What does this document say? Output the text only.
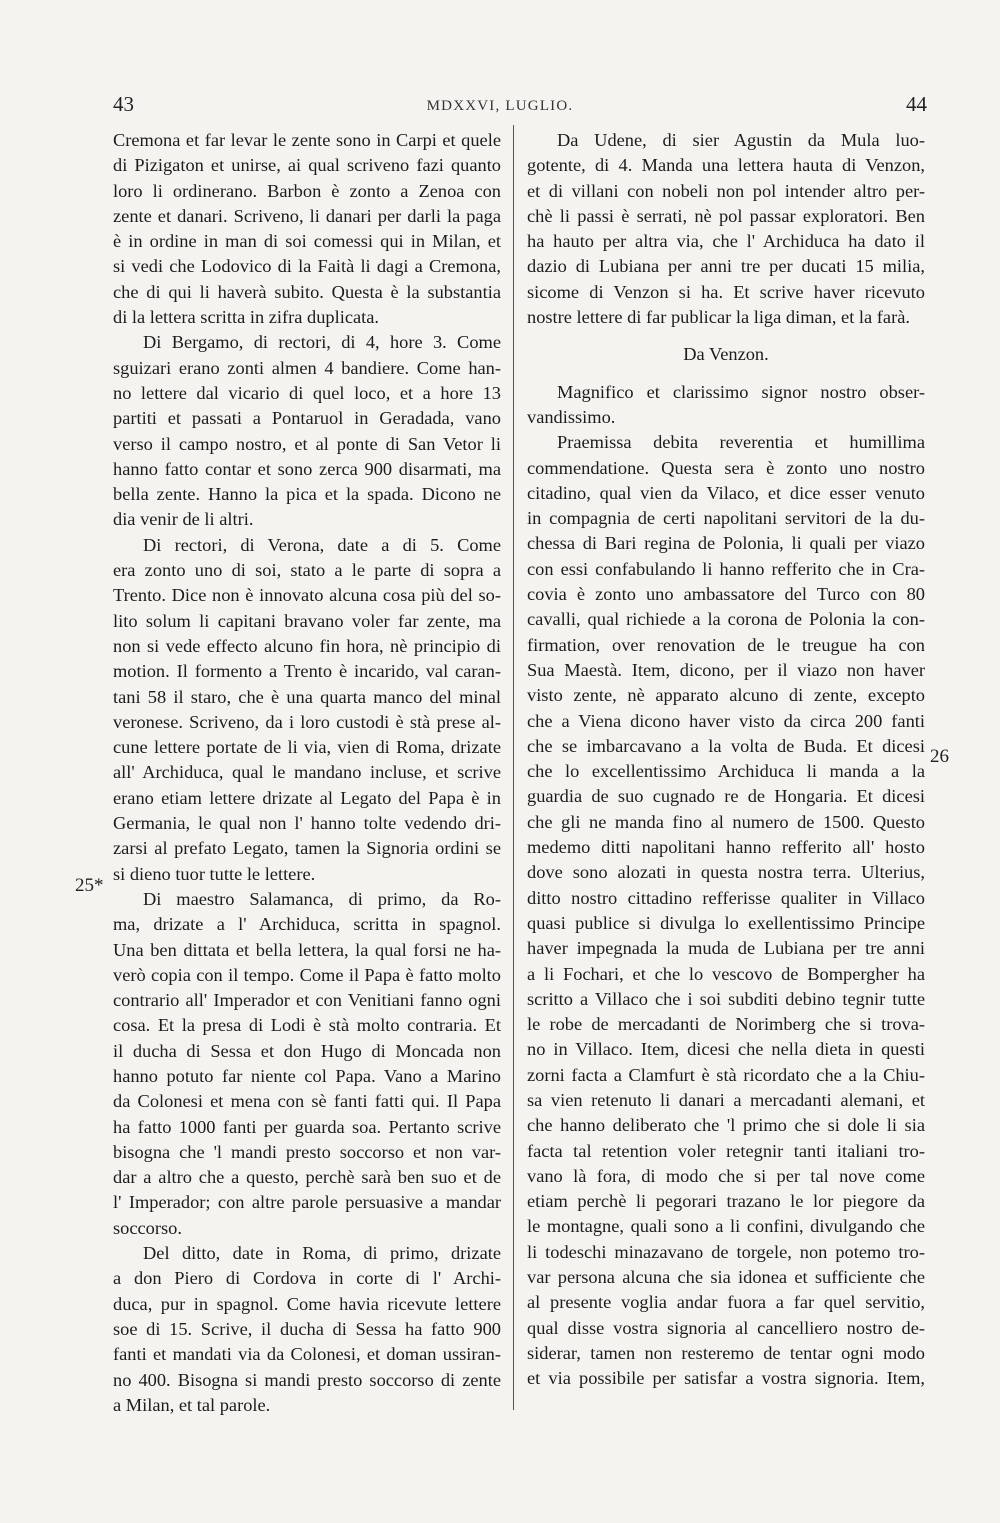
43	MDXXVI, LUGLIO.	44
25*
26
Cremona et far levar le zente sono in Carpi et quele
di Pizigaton et unirse, ai qual scriveno fazi quanto
loro li ordinerano. Barbon è zonto a Zenoa con
zente et danari. Scriveno, li danari per darli la paga
è in ordine in man di soi comessi qui in Milan, et
si vedi che Lodovico di la Faità li dagi a Cremona,
che di qui li haverà subito. Questa è la substantia
di la lettera scritta in zifra duplicata.
Di Bergamo, di rectori, di 4, hore 3. Come
sguizari erano zonti almen 4 bandiere. Come han-
no lettere dal vicario di quel loco, et a hore 13
partiti et passati a Pontaruol in Geradada, vano
verso il campo nostro, et al ponte di San Vetor li
hanno fatto contar et sono zerca 900 disarmati, ma
bella zente. Hanno la pica et la spada. Dicono ne
dia venir de li altri.
Di rectori, di Verona, date a di 5. Come
era zonto uno di soi, stato a le parte di sopra a
Trento. Dice non è innovato alcuna cosa più del so-
lito solum li capitani bravano voler far zente, ma
non si vede effecto alcuno fin hora, nè principio di
motion. Il formento a Trento è incarido, val caran-
tani 58 il staro, che è una quarta manco del minal
veronese. Scriveno, da i loro custodi è stà prese al-
cune lettere portate de li via, vien di Roma, drizate
all' Archiduca, qual le mandano incluse, et scrive
erano etiam lettere drizate al Legato del Papa è in
Germania, le qual non l' hanno tolte vedendo dri-
zarsi al prefato Legato, tamen la Signoria ordini se
si dieno tuor tutte le lettere.
Di maestro Salamanca, di primo, da Ro-
ma, drizate a l' Archiduca, scritta in spagnol.
Una ben dittata et bella lettera, la qual forsi ne ha-
verò copia con il tempo. Come il Papa è fatto molto
contrario all' Imperador et con Venitiani fanno ogni
cosa. Et la presa di Lodi è stà molto contraria. Et
il ducha di Sessa et don Hugo di Moncada non
hanno potuto far niente col Papa. Vano a Marino
da Colonesi et mena con sè fanti fatti qui. Il Papa
ha fatto 1000 fanti per guarda soa. Pertanto scrive
bisogna che 'l mandi presto soccorso et non var-
dar a altro che a questo, perchè sarà ben suo et de
l' Imperador; con altre parole persuasive a mandar
soccorso.
Del ditto, date in Roma, di primo, drizate
a don Piero di Cordova in corte di l' Archi-
duca, pur in spagnol. Come havia ricevute lettere
soe di 15. Scrive, il ducha di Sessa ha fatto 900
fanti et mandati via da Colonesi, et doman ussiran-
no 400. Bisogna si mandi presto soccorso di zente
a Milan, et tal parole.
Da Udene, di sier Agustin da Mula luo-
gotente, di 4. Manda una lettera hauta di Venzon,
et di villani con nobeli non pol intender altro per-
chè li passi è serrati, nè pol passar exploratori. Ben
ha hauto per altra via, che l' Archiduca ha dato il
dazio di Lubiana per anni tre per ducati 15 milia,
sicome di Venzon si ha. Et scrive haver ricevuto
nostre lettere di far publicar la liga diman, et la farà.
Da Venzon.
Magnifico et clarissimo signor nostro obser-
vandissimo.
Praemissa debita reverentia et humillima
commendatione. Questa sera è zonto uno nostro
citadino, qual vien da Vilaco, et dice esser venuto
in compagnia de certi napolitani servitori de la du-
chessa di Bari regina de Polonia, li quali per viazo
con essi confabulando li hanno refferito che in Cra-
covia è zonto uno ambassatore del Turco con 80
cavalli, qual richiede a la corona de Polonia la con-
firmation, over renovation de le treugue ha con
Sua Maestà. Item, dicono, per il viazo non haver
visto zente, nè apparato alcuno di zente, excepto
che a Viena dicono haver visto da circa 200 fanti
che se imbarcavano a la volta de Buda. Et dicesi
che lo excellentissimo Archiduca li manda a la
guardia de suo cugnado re de Hongaria. Et dicesi
che gli ne manda fino al numero de 1500. Questo
medemo ditti napolitani hanno refferito all' hosto
dove sono alozati in questa nostra terra. Ulterius,
ditto nostro cittadino refferisse qualiter in Villaco
quasi publice si divulga lo exellentissimo Principe
haver impegnada la muda de Lubiana per tre anni
a li Fochari, et che lo vescovo de Bompergher ha
scritto a Villaco che i soi subditi debino tegnir tutte
le robe de mercadanti de Norimberg che si trova-
no in Villaco. Item, dicesi che nella dieta in questi
zorni facta a Clamfurt è stà ricordato che a la Chiu-
sa vien retenuto li danari a mercadanti alemani, et
che hanno deliberato che 'l primo che si dole li sia
facta tal retention voler retegnir tanti italiani tro-
vano là fora, di modo che si per tal nove come
etiam perchè li pegorari trazano le lor piegore da
le montagne, quali sono a li confini, divulgando che
li todeschi minazavano de torgele, non potemo tro-
var persona alcuna che sia idonea et sufficiente che
al presente voglia andar fuora a far quel servitio,
qual disse vostra signoria al cancelliero nostro de-
siderar, tamen non resteremo de tentar ogni modo
et via possibile per satisfar a vostra signoria. Item,
